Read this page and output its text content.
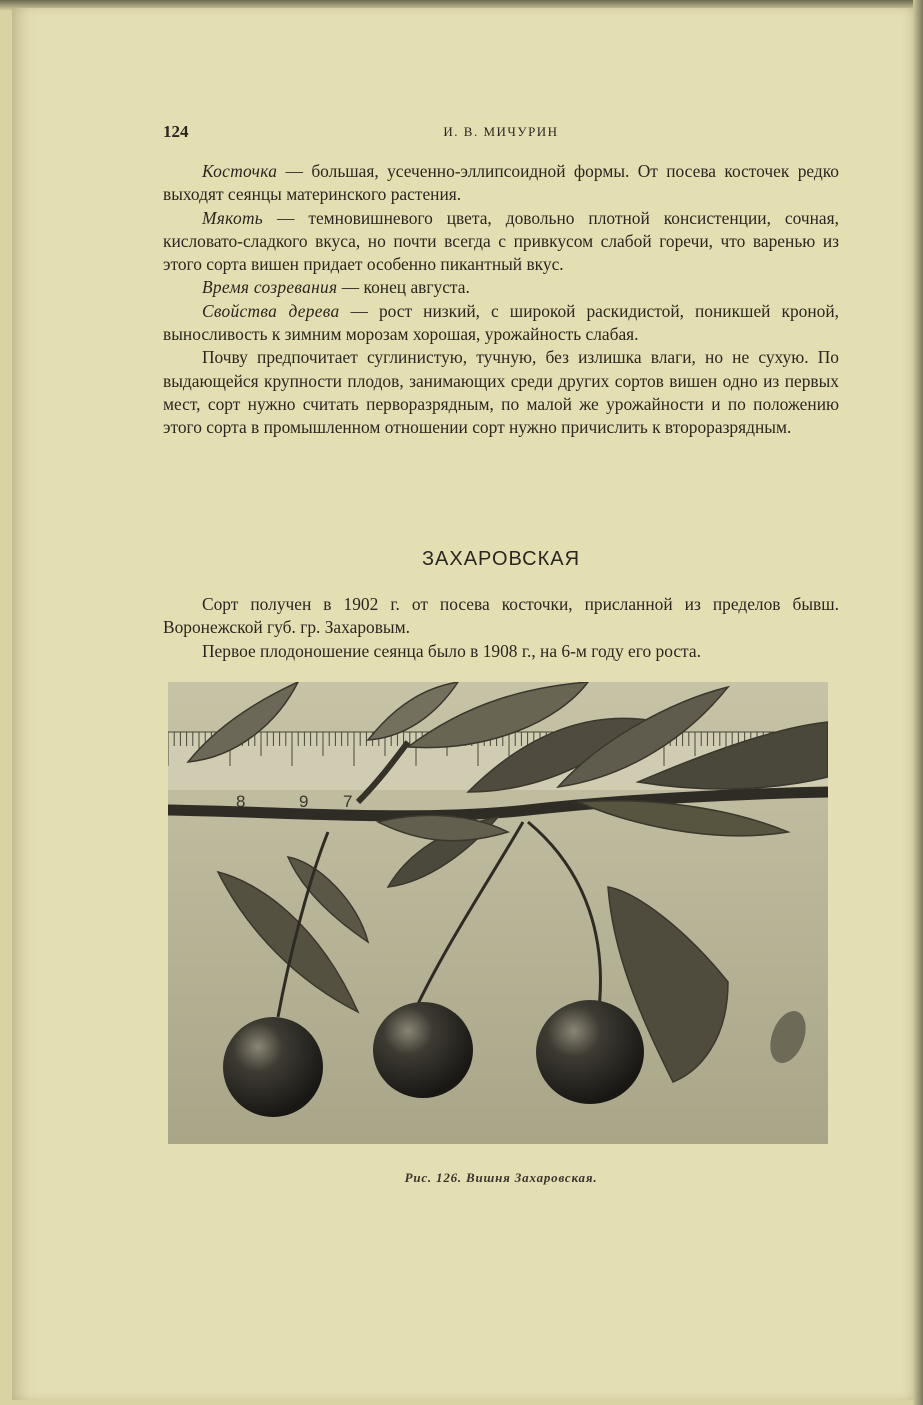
124	И. В. МИЧУРИН

Косточка — большая, усеченно-эллипсоидной формы. От посева косточек редко выходят сеянцы материнского растения.

Мякоть — темновишневого цвета, довольно плотной консистенции, сочная, кисловато-сладкого вкуса, но почти всегда с привкусом слабой горечи, что варенью из этого сорта вишен придает особенно пикантный вкус.

Время созревания — конец августа.

Свойства дерева — рост низкий, с широкой раскидистой, поникшей кроной, выносливость к зимним морозам хорошая, урожайность слабая.

Почву предпочитает суглинистую, тучную, без излишка влаги, но не сухую. По выдающейся крупности плодов, занимающих среди других сортов вишен одно из первых мест, сорт нужно считать перворазрядным, по малой же урожайности и по положению этого сорта в промышленном отношении сорт нужно причислить к второразрядным.

ЗАХАРОВСКАЯ

Сорт получен в 1902 г. от посева косточки, присланной из пределов бывш. Воронежской губ. гр. Захаровым.

Первое плодоношение сеянца было в 1908 г., на 6-м году его роста.

8	9 7
Рис. 126. Вишня Захаровская.
